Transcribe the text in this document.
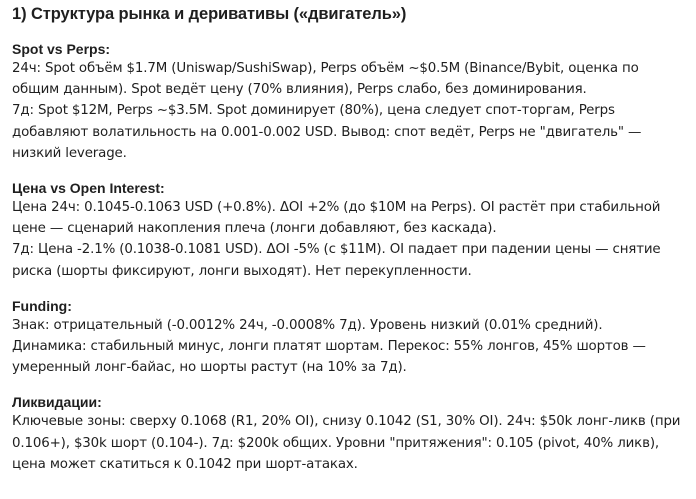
1) Структура рынка и деривативы («двигатель»)
Spot vs Perps:

24ч: Spot объём $1.7M (Uniswap/SushiSwap), Perps объём ~$0.5M (Binance/Bybit, оценка по общим данным). Spot ведёт цену (70% влияния), Perps слабо, без доминирования.

7д: Spot $12M, Perps ~$3.5M. Spot доминирует (80%), цена следует спот-торгам, Perps добавляют волатильность на 0.001-0.002 USD. Вывод: спот ведёт, Perps не "двигатель" — низкий leverage.

Цена vs Open Interest:

Цена 24ч: 0.1045-0.1063 USD (+0.8%). ΔOI +2% (до $10M на Perps). OI растёт при стабильной цене — сценарий накопления плеча (лонги добавляют, без каскада).

7д: Цена -2.1% (0.1038-0.1081 USD). ΔOI -5% (с $11M). OI падает при падении цены — снятие риска (шорты фиксируют, лонги выходят). Нет перекупленности.

Funding:

Знак: отрицательный (-0.0012% 24ч, -0.0008% 7д). Уровень низкий (0.01% средний).

Динамика: стабильный минус, лонги платят шортам. Перекос: 55% лонгов, 45% шортов — умеренный лонг-байас, но шорты растут (на 10% за 7д).

Ликвидации:

Ключевые зоны: сверху 0.1068 (R1, 20% OI), снизу 0.1042 (S1, 30% OI). 24ч: $50k лонг-ликв (при 0.106+), $30k шорт (0.104-). 7д: $200k общих. Уровни "притяжения": 0.105 (pivot, 40% ликв), цена может скатиться к 0.1042 при шорт-атаках.
